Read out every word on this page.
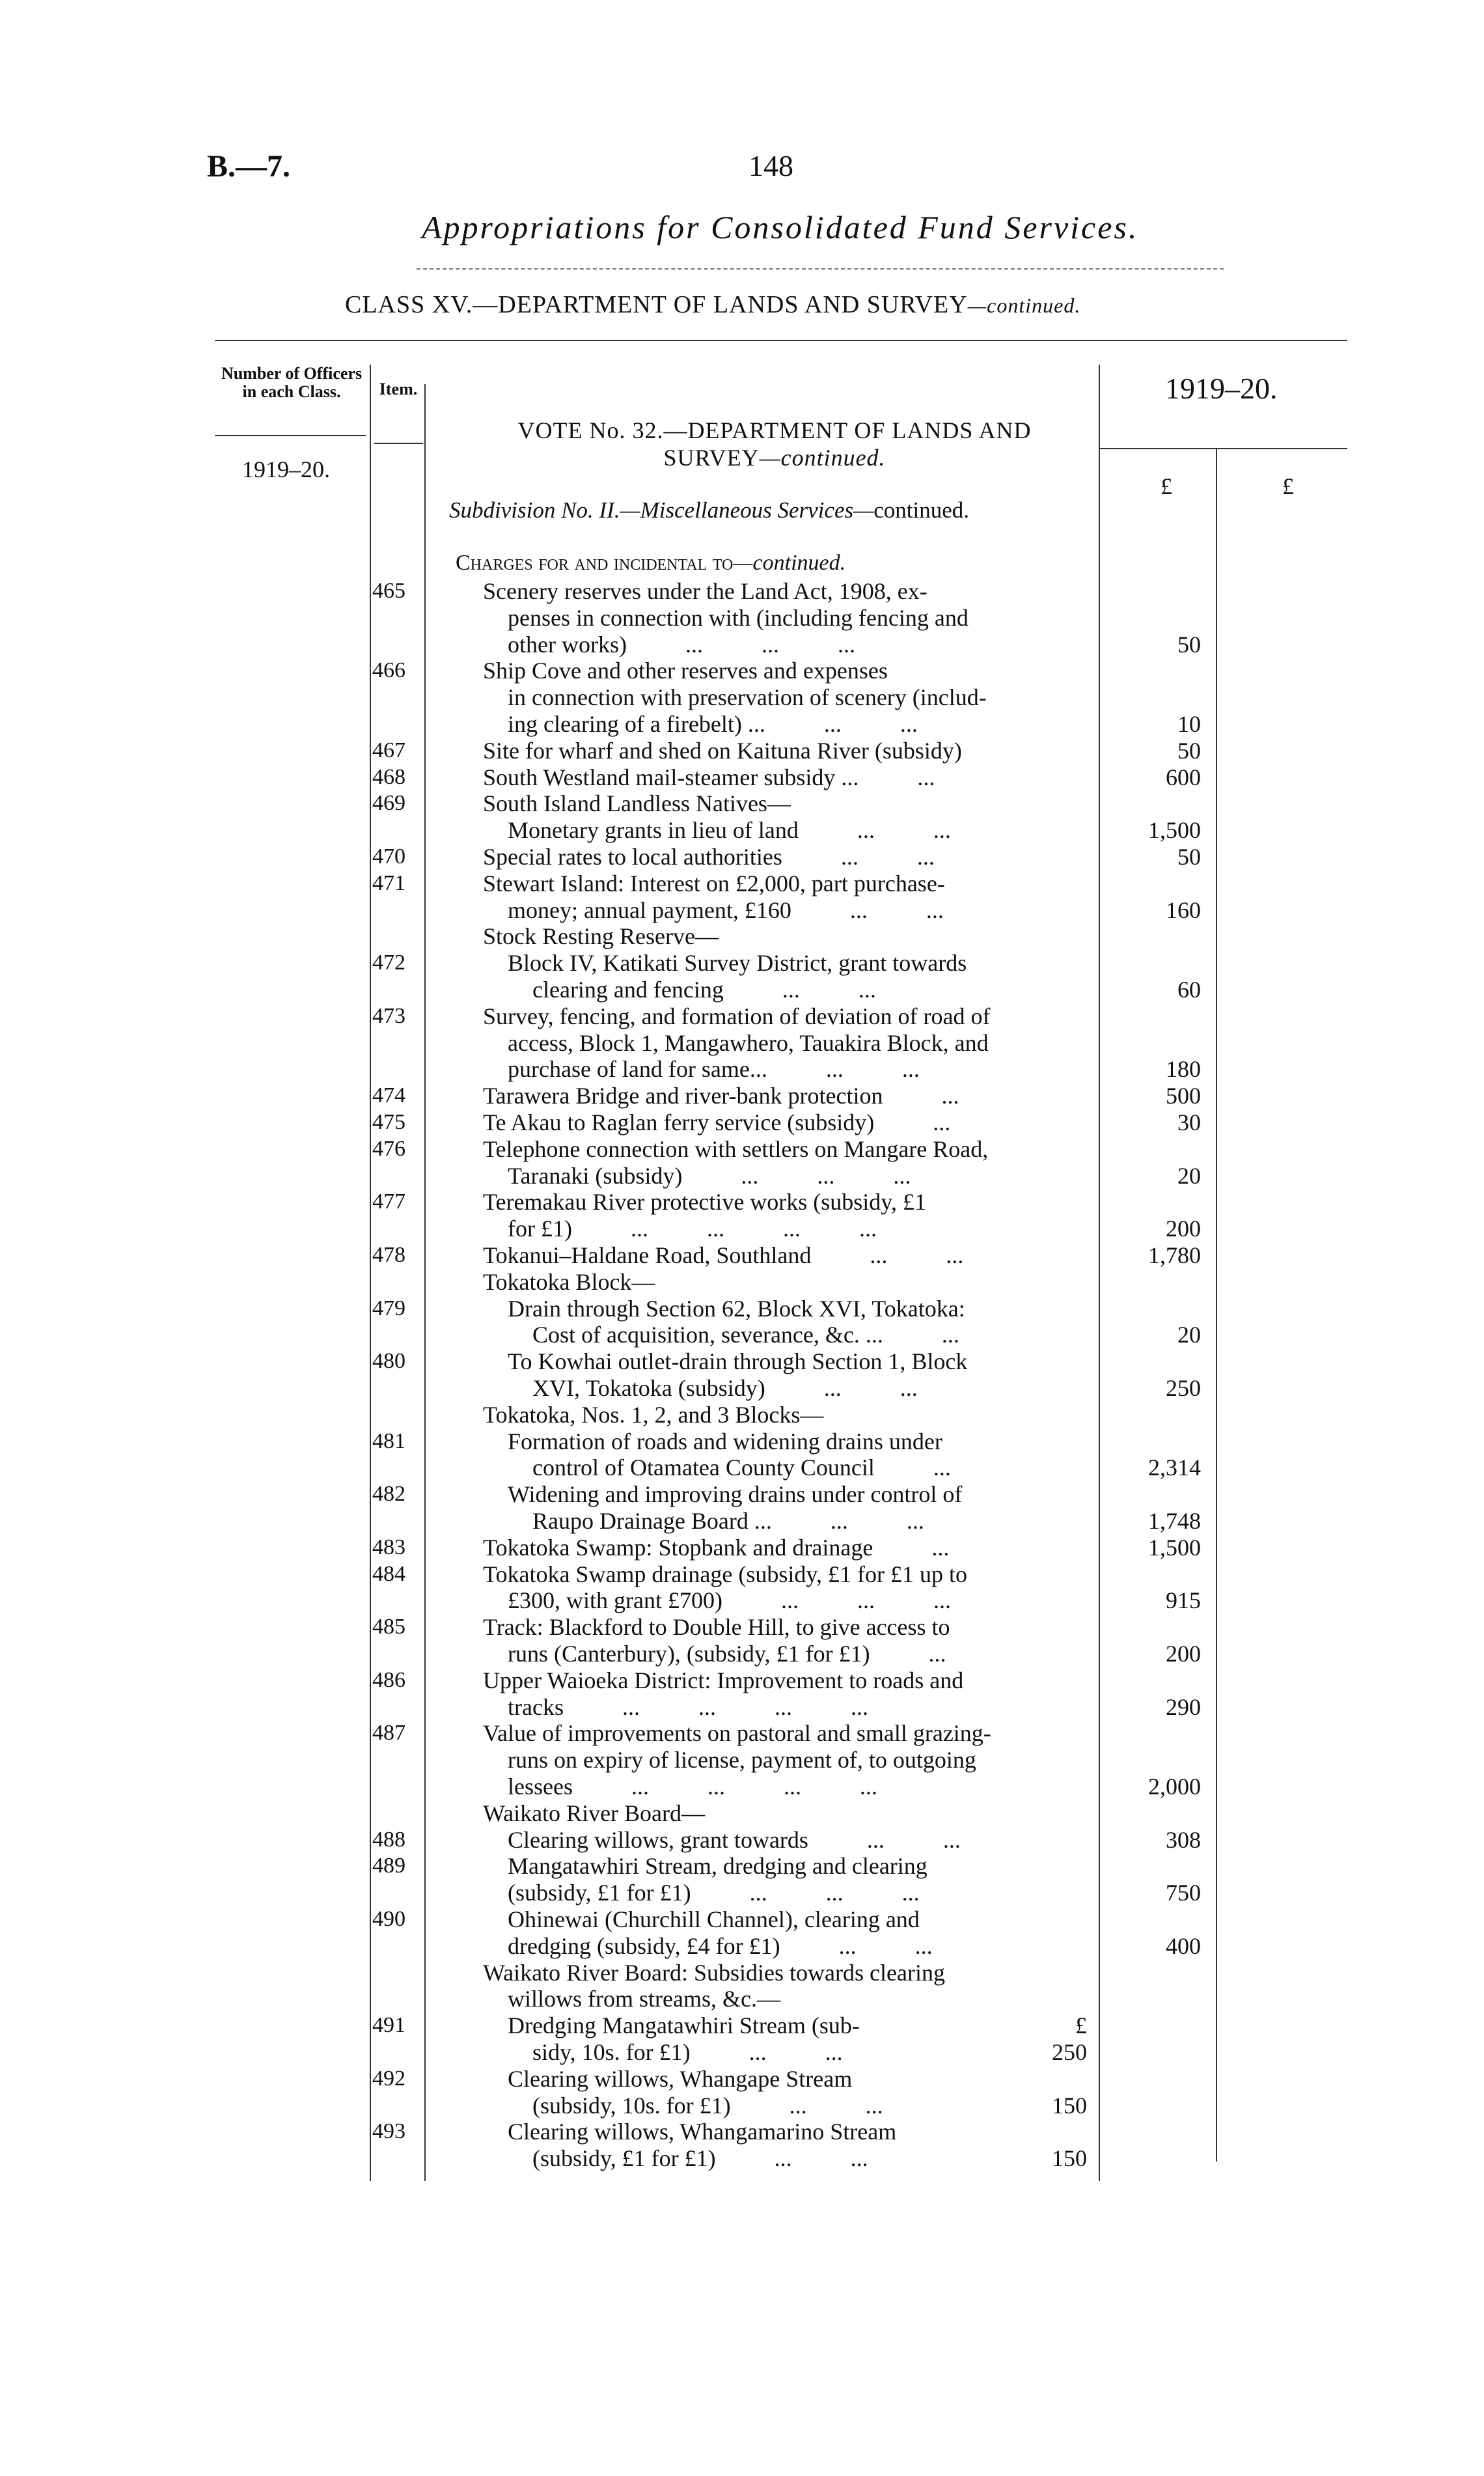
B.—7.	148
Appropriations for Consolidated Fund Services.
CLASS XV.—DEPARTMENT OF LANDS AND SURVEY—continued.
Number of Officers in each Class.
1919–20.
Item.
VOTE No. 32.—DEPARTMENT OF LANDS AND
SURVEY—continued.
Subdivision No. II.—Miscellaneous Services—continued.
1919–20.
£	£
Charges for and incidental to—continued.
465	Scenery reserves under the Land Act, 1908, ex-
penses in connection with (including fencing and
other works)          ...          ...          ...	50
466	Ship Cove and other reserves and expenses
in connection with preservation of scenery (includ-
ing clearing of a firebelt) ...          ...          ...	10
467	Site for wharf and shed on Kaituna River (subsidy)	50
468	South Westland mail-steamer subsidy ...          ...	600
469	South Island Landless Natives—
Monetary grants in lieu of land          ...          ...	1,500
470	Special rates to local authorities          ...          ...	50
471	Stewart Island: Interest on £2,000, part purchase-
money; annual payment, £160          ...          ...	160
Stock Resting Reserve—
472	Block IV, Katikati Survey District, grant towards
clearing and fencing          ...          ...	60
473	Survey, fencing, and formation of deviation of road of
access, Block 1, Mangawhero, Tauakira Block, and
purchase of land for same...          ...          ...	180
474	Tarawera Bridge and river-bank protection          ...	500
475	Te Akau to Raglan ferry service (subsidy)          ...	30
476	Telephone connection with settlers on Mangare Road,
Taranaki (subsidy)          ...          ...          ...	20
477	Teremakau River protective works (subsidy, £1
for £1)          ...          ...          ...          ...	200
478	Tokanui–Haldane Road, Southland          ...          ...	1,780
Tokatoka Block—
479	Drain through Section 62, Block XVI, Tokatoka:
Cost of acquisition, severance, &c. ...          ...	20
480	To Kowhai outlet-drain through Section 1, Block
XVI, Tokatoka (subsidy)          ...          ...	250
Tokatoka, Nos. 1, 2, and 3 Blocks—
481	Formation of roads and widening drains under
control of Otamatea County Council          ...	2,314
482	Widening and improving drains under control of
Raupo Drainage Board ...          ...          ...	1,748
483	Tokatoka Swamp: Stopbank and drainage          ...	1,500
484	Tokatoka Swamp drainage (subsidy, £1 for £1 up to
£300, with grant £700)          ...          ...          ...	915
485	Track: Blackford to Double Hill, to give access to
runs (Canterbury), (subsidy, £1 for £1)          ...	200
486	Upper Waioeka District: Improvement to roads and
tracks          ...          ...          ...          ...	290
487	Value of improvements on pastoral and small grazing-
runs on expiry of license, payment of, to outgoing
lessees          ...          ...          ...          ...	2,000
Waikato River Board—
488	Clearing willows, grant towards          ...          ...	308
489	Mangatawhiri Stream, dredging and clearing
(subsidy, £1 for £1)          ...          ...          ...	750
490	Ohinewai (Churchill Channel), clearing and
dredging (subsidy, £4 for £1)          ...          ...	400
Waikato River Board: Subsidies towards clearing
willows from streams, &c.—
491	Dredging Mangatawhiri Stream (sub-	£
sidy, 10s. for £1)          ...          ...	250
492	Clearing willows, Whangape Stream
(subsidy, 10s. for £1)          ...          ...	150
493	Clearing willows, Whangamarino Stream
(subsidy, £1 for £1)          ...          ...	150
